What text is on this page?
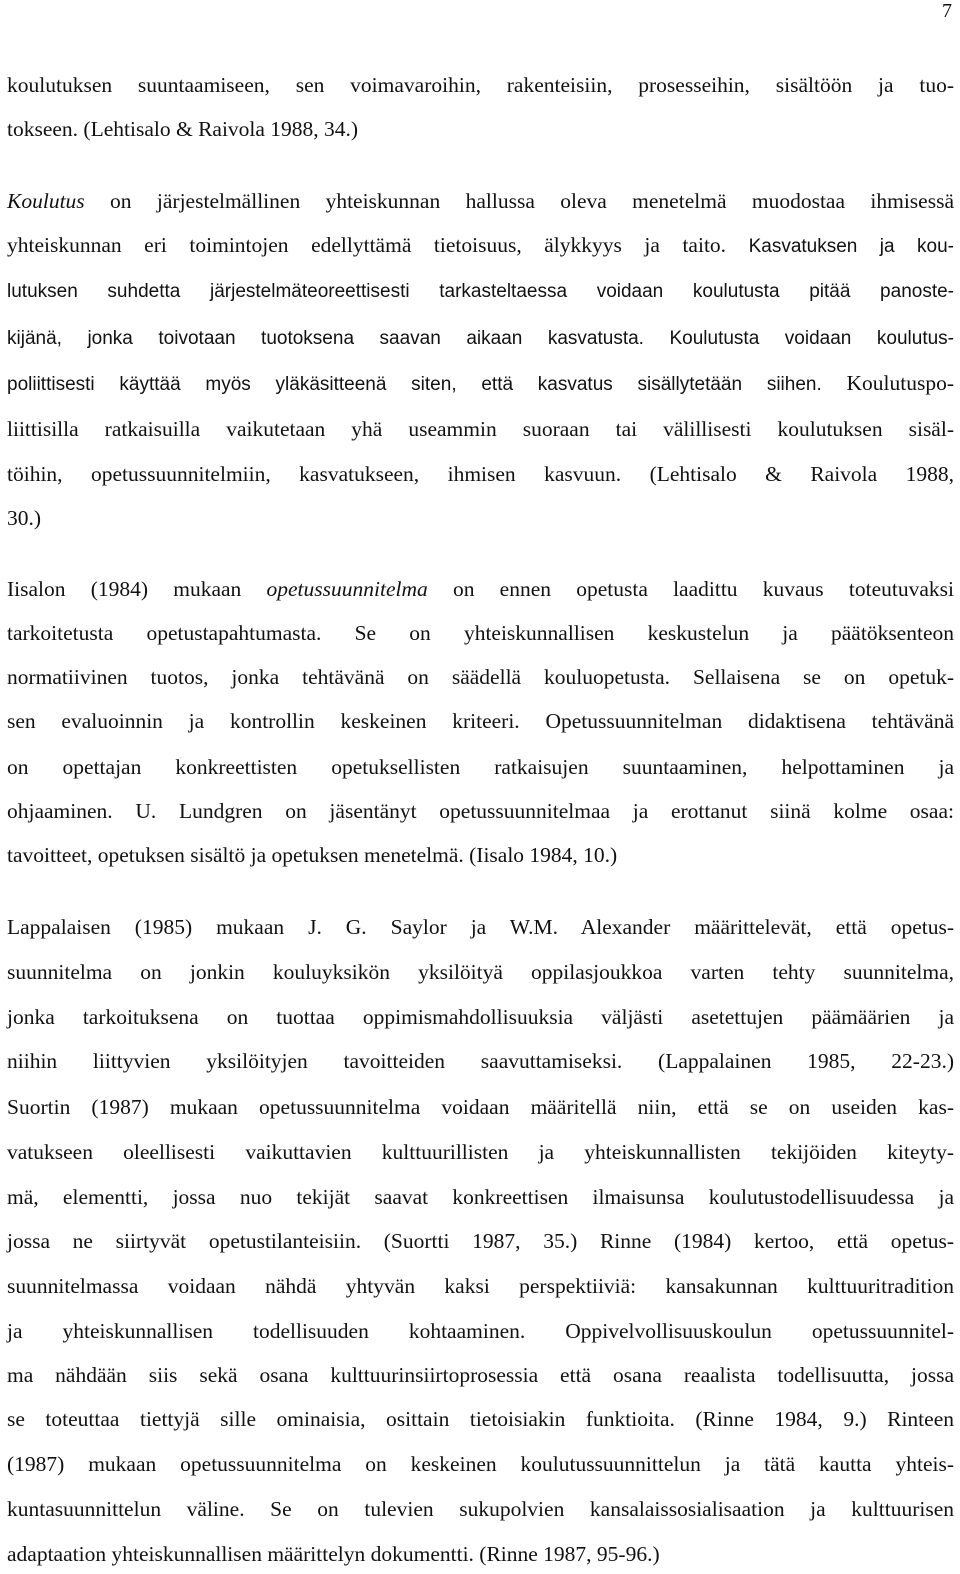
7
koulutuksen suuntaamiseen, sen voimavaroihin, rakenteisiin, prosesseihin, sisältöön ja tuo-
tokseen. (Lehtisalo & Raivola 1988, 34.)
Koulutus on järjestelmällinen yhteiskunnan hallussa oleva menetelmä muodostaa ihmisessä
yhteiskunnan eri toimintojen edellyttämä tietoisuus, älykkyys ja taito. Kasvatuksen ja kou-
lutuksen suhdetta järjestelmäteoreettisesti tarkasteltaessa voidaan koulutusta pitää panoste-
kijänä, jonka toivotaan tuotoksena saavan aikaan kasvatusta. Koulutusta voidaan koulutus-
poliittisesti käyttää myös yläkäsitteenä siten, että kasvatus sisällytetään siihen. Koulutuspo-
liittisilla ratkaisuilla vaikutetaan yhä useammin suoraan tai välillisesti koulutuksen sisäl-
töihin, opetussuunnitelmiin, kasvatukseen, ihmisen kasvuun. (Lehtisalo & Raivola 1988,
30.)
Iisalon (1984) mukaan opetussuunnitelma on ennen opetusta laadittu kuvaus toteutuvaksi
tarkoitetusta opetustapahtumasta. Se on yhteiskunnallisen keskustelun ja päätöksenteon
normatiivinen tuotos, jonka tehtävänä on säädellä kouluopetusta. Sellaisena se on opetuk-
sen evaluoinnin ja kontrollin keskeinen kriteeri. Opetussuunnitelman didaktisena tehtävänä
on opettajan konkreettisten opetuksellisten ratkaisujen suuntaaminen, helpottaminen ja
ohjaaminen. U. Lundgren on jäsentänyt opetussuunnitelmaa ja erottanut siinä kolme osaa:
tavoitteet, opetuksen sisältö ja opetuksen menetelmä. (Iisalo 1984, 10.)
Lappalaisen (1985) mukaan J. G. Saylor ja W.M. Alexander määrittelevät, että opetus-
suunnitelma on jonkin kouluyksikön yksilöityä oppilasjoukkoa varten tehty suunnitelma,
jonka tarkoituksena on tuottaa oppimismahdollisuuksia väljästi asetettujen päämäärien ja
niihin liittyvien yksilöityjen tavoitteiden saavuttamiseksi. (Lappalainen 1985, 22-23.)
Suortin (1987) mukaan opetussuunnitelma voidaan määritellä niin, että se on useiden kas-
vatukseen oleellisesti vaikuttavien kulttuurillisten ja yhteiskunnallisten tekijöiden kiteyty-
mä, elementti, jossa nuo tekijät saavat konkreettisen ilmaisunsa koulutustodellisuudessa ja
jossa ne siirtyvät opetustilanteisiin. (Suortti 1987, 35.) Rinne (1984) kertoo, että opetus-
suunnitelmassa voidaan nähdä yhtyvän kaksi perspektiiviä: kansakunnan kulttuuritradition
ja yhteiskunnallisen todellisuuden kohtaaminen. Oppivelvollisuuskoulun opetussuunnitel-
ma nähdään siis sekä osana kulttuurinsiirtoprosessia että osana reaalista todellisuutta, jossa
se toteuttaa tiettyjä sille ominaisia, osittain tietoisiakin funktioita. (Rinne 1984, 9.) Rinteen
(1987) mukaan opetussuunnitelma on keskeinen koulutussuunnittelun ja tätä kautta yhteis-
kuntasuunnittelun väline. Se on tulevien sukupolvien kansalaissosialisaation ja kulttuurisen
adaptaation yhteiskunnallisen määrittelyn dokumentti. (Rinne 1987, 95-96.)
